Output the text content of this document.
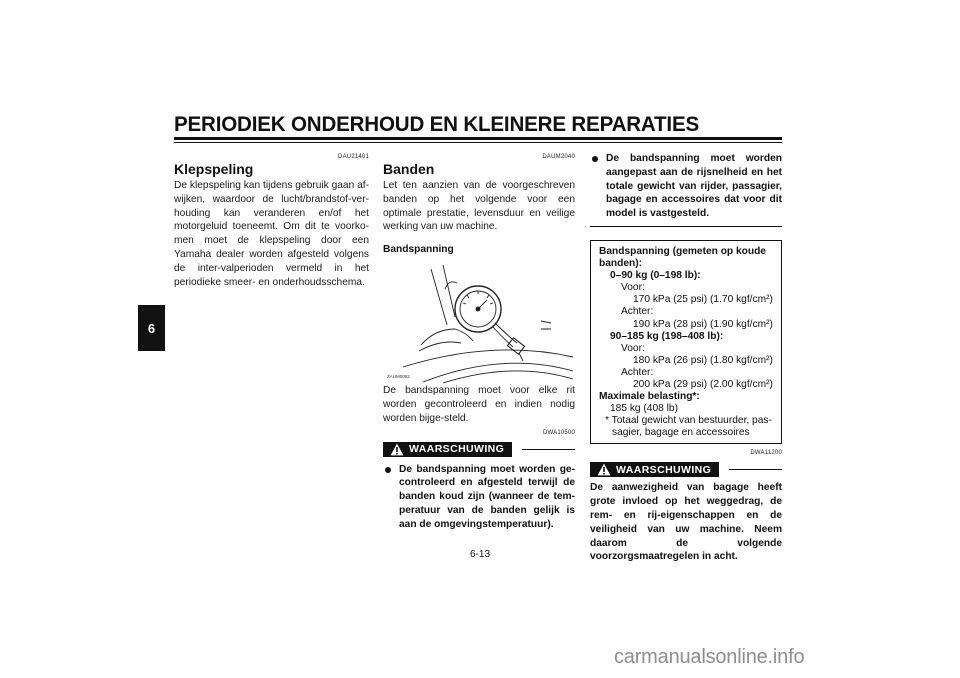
PERIODIEK ONDERHOUD EN KLEINERE REPARATIES
6
DAU21401
Klepspeling
De klepspeling kan tijdens gebruik gaan af-wijken, waardoor de lucht/brandstof-ver-houding kan veranderen en/of het motorgeluid toeneemt. Om dit te voorko-men moet de klepspeling door een Yamaha dealer worden afgesteld volgens de inter-valperioden vermeld in het periodieke smeer- en onderhoudsschema.
DAUM2040
Banden
Let ten aanzien van de voorgeschreven banden op het volgende voor een optimale prestatie, levensduur en veilige werking van uw machine.
Bandspanning
ZAUM0082
De bandspanning moet voor elke rit worden gecontroleerd en indien nodig worden bijge-steld.
DWA10500
WAARSCHUWING
De bandspanning moet worden ge-controleerd en afgesteld terwijl de banden koud zijn (wanneer de tem-peratuur van de banden gelijk is aan de omgevingstemperatuur).
De bandspanning moet worden aangepast aan de rijsnelheid en het totale gewicht van rijder, passagier, bagage en accessoires dat voor dit model is vastgesteld.
Bandspanning (gemeten op koude banden):
0–90 kg (0–198 lb):
Voor:
170 kPa (25 psi) (1.70 kgf/cm²)
Achter:
190 kPa (28 psi) (1.90 kgf/cm²)
90–185 kg (198–408 lb):
Voor:
180 kPa (26 psi) (1.80 kgf/cm²)
Achter:
200 kPa (29 psi) (2.00 kgf/cm²)
Maximale belasting*:
185 kg (408 lb)
* Totaal gewicht van bestuurder, pas-
sagier, bagage en accessoires
DWA11200
WAARSCHUWING
De aanwezigheid van bagage heeft grote invloed op het weggedrag, de rem- en rij-eigenschappen en de veiligheid van uw machine. Neem daarom de volgende voorzorgsmaatregelen in acht.
6-13
carmanualsonline.info
